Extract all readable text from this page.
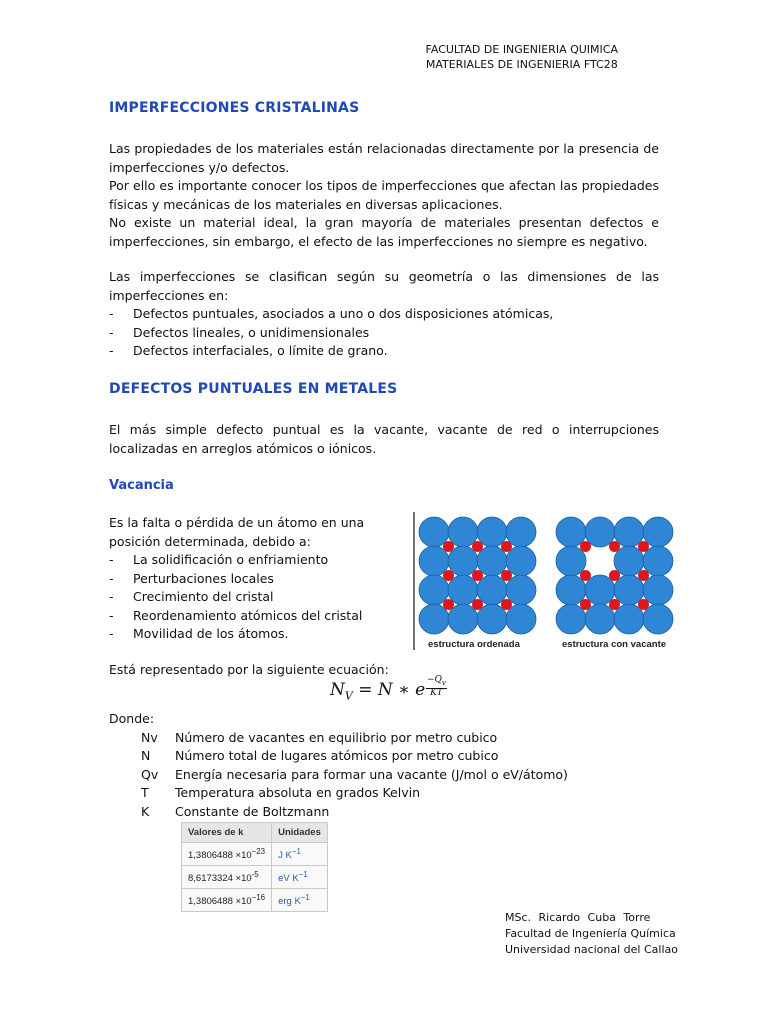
FACULTAD DE INGENIERIA QUIMICA
MATERIALES DE INGENIERIA FTC28
IMPERFECCIONES CRISTALINAS

Las propiedades de los materiales están relacionadas directamente por la presencia de imperfecciones y/o defectos.

Por ello es importante conocer los tipos de imperfecciones que afectan las propiedades físicas y mecánicas de los materiales en diversas aplicaciones.

No existe un material ideal, la gran mayoría de materiales presentan defectos e imperfecciones, sin embargo, el efecto de las imperfecciones no siempre es negativo.

Las imperfecciones se clasifican según su geometría o las dimensiones de las imperfecciones en:

- Defectos puntuales, asociados a uno o dos disposiciones atómicas,
- Defectos lineales, o unidimensionales
- Defectos interfaciales, o límite de grano.
DEFECTOS PUNTUALES EN METALES

El más simple defecto puntual es la vacante, vacante de red o interrupciones localizadas en arreglos atómicos o iónicos.

Vacancia

Es la falta o pérdida de un átomo en una posición determinada, debido a:

- La solidificación o enfriamiento
- Perturbaciones locales
- Crecimiento del cristal
- Reordenamiento atómicos del cristal
- Movilidad de los átomos.
estructura ordenada	estructura con vacante
Está representado por la siguiente ecuación:
$N_V = N$ ∗ e $\frac{-Q_v}{KT}$
Donde:
Nv	Número de vacantes en equilibrio por metro cubico
N	Número total de lugares atómicos por metro cubico
Qv	Energía necesaria para formar una vacante (J/mol o eV/átomo)
T	Temperatura absoluta en grados Kelvin
K	Constante de Boltzmann
Valores de k	Unidades
$1,3806488 \times 10^{-23}$	J $K^{-1}$
$8,6173324 \times 10^{-5}$	eV $K^{-1}$
$1,3806488 \times 10^{-16}$	erg $K^{-1}$
MSc. Ricardo Cuba Torre
Facultad de Ingeniería Química
Universidad nacional del Callao
